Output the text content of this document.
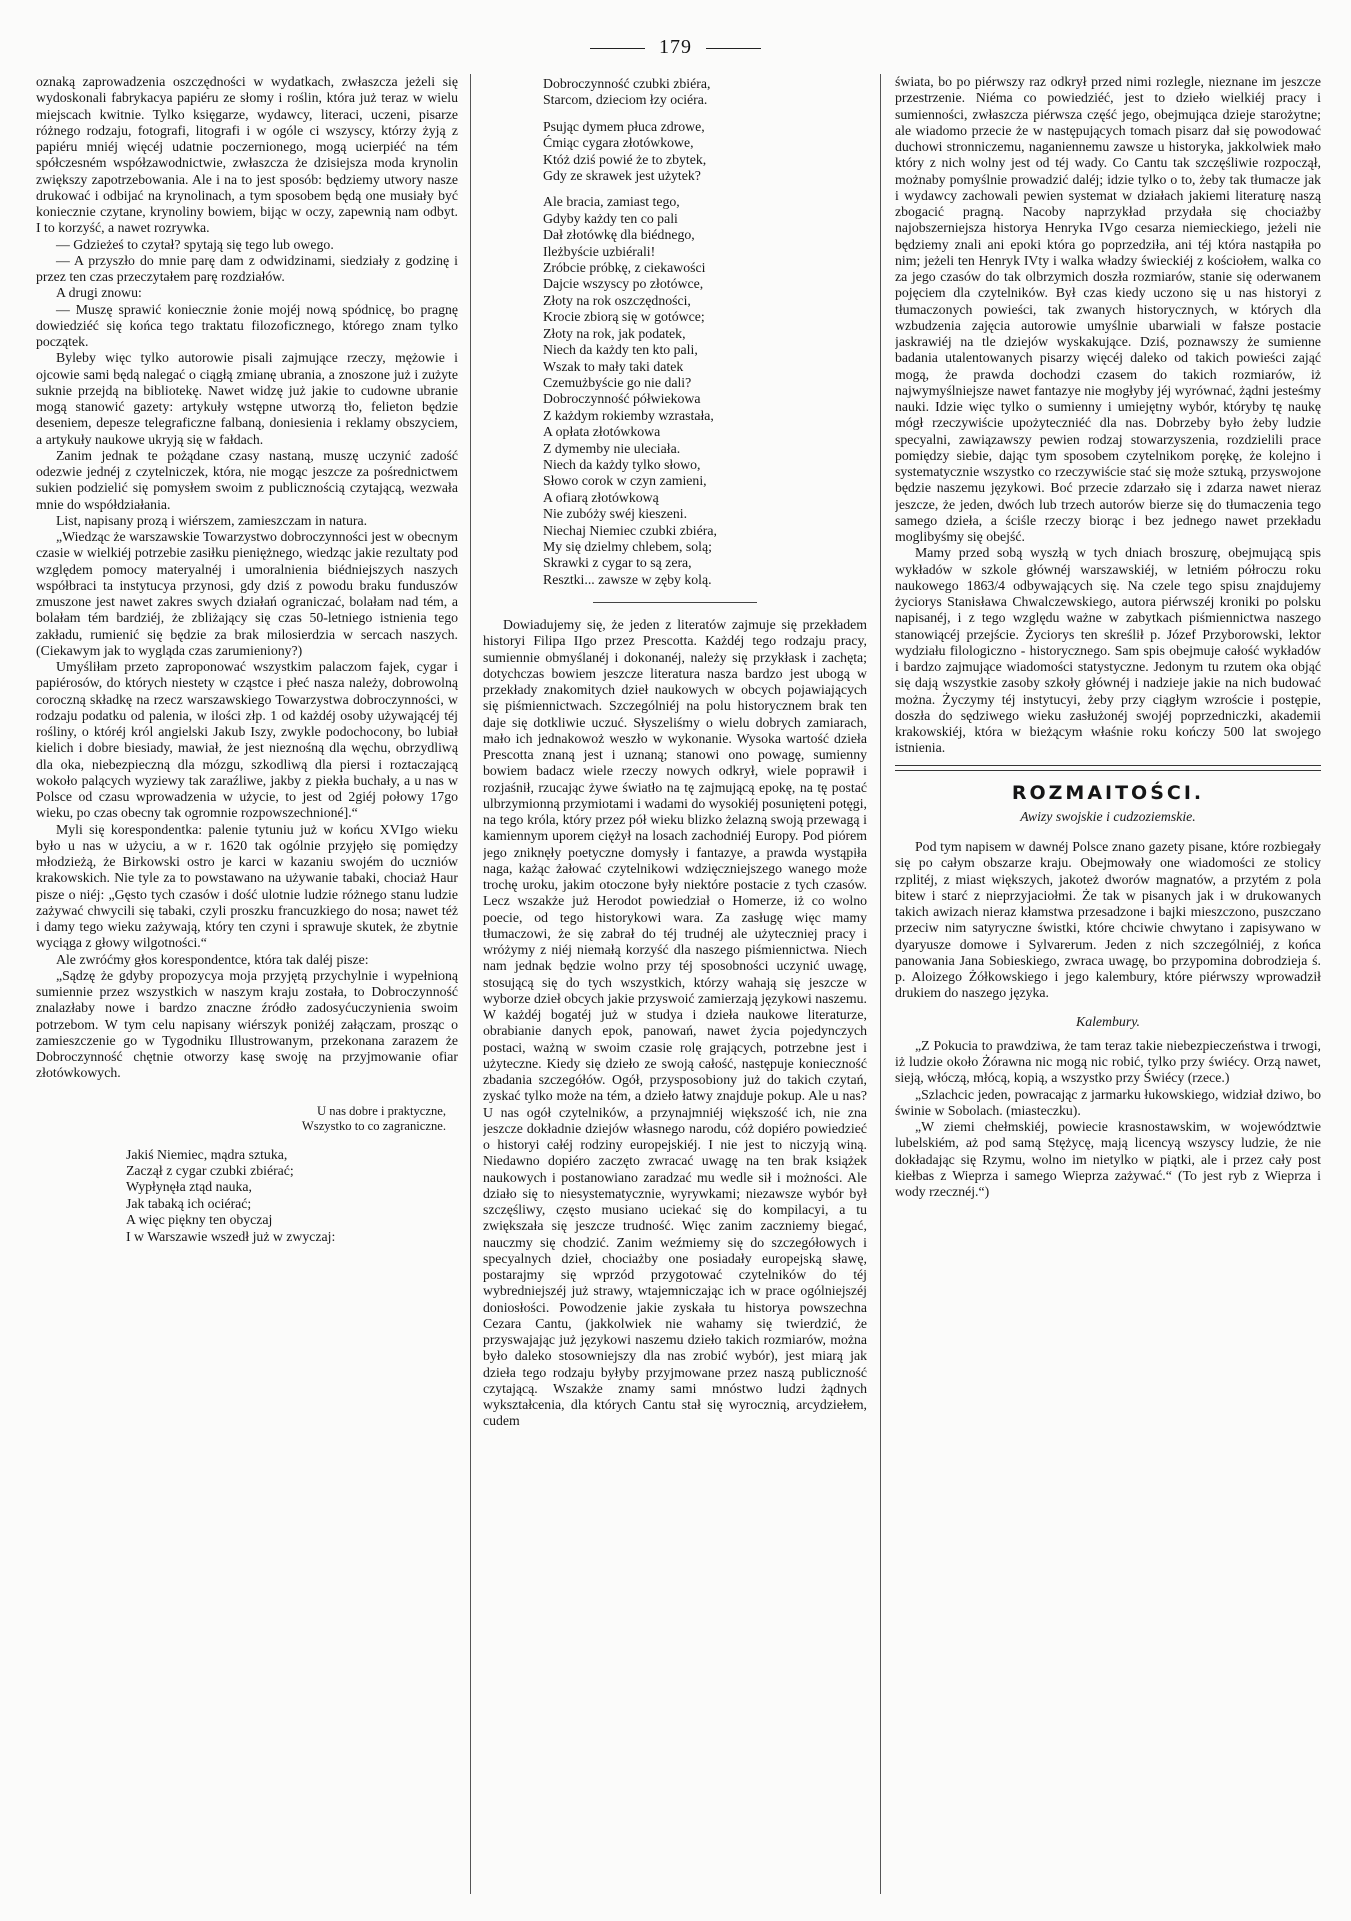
179

oznaką zaprowadzenia oszczędności w wydatkach, zwłaszcza jeżeli się wydoskonali fabrykacya papiéru ze słomy i roślin, która już teraz w wielu miejscach kwitnie. Tylko księgarze, wydawcy, literaci, uczeni, pisarze różnego rodzaju, fotografi, litografi i w ogóle ci wszyscy, którzy żyją z papiéru mniéj więcéj udatnie poczernionego, mogą ucierpiéć na tém spółczesném współzawodnictwie, zwłaszcza że dzisiejsza moda krynolin zwiększy zapotrzebowania. Ale i na to jest sposób: będziemy utwory nasze drukować i odbijać na krynolinach, a tym sposobem będą one musiały być koniecznie czytane, krynoliny bowiem, bijąc w oczy, zapewnią nam odbyt. I to korzyść, a nawet rozrywka.

— Gdzieżeś to czytał? spytają się tego lub owego.

— A przyszło do mnie parę dam z odwidzinami, siedziały z godzinę i przez ten czas przeczytałem parę rozdziałów.

A drugi znowu:

— Muszę sprawić koniecznie żonie mojéj nową spódnicę, bo pragnę dowiedziéć się końca tego traktatu filozoficznego, którego znam tylko początek.

Byleby więc tylko autorowie pisali zajmujące rzeczy, mężowie i ojcowie sami będą nalegać o ciągłą zmianę ubrania, a znoszone już i zużyte suknie przejdą na bibliotekę. Nawet widzę już jakie to cudowne ubranie mogą stanowić gazety: artykuły wstępne utworzą tło, felieton będzie deseniem, depesze telegraficzne falbaną, doniesienia i reklamy obszyciem, a artykuły naukowe ukryją się w fałdach.

Zanim jednak te pożądane czasy nastaną, muszę uczynić zadość odezwie jednéj z czytelniczek, która, nie mogąc jeszcze za pośrednictwem sukien podzielić się pomysłem swoim z publicznością czytającą, wezwała mnie do współdziałania.

List, napisany prozą i wiérszem, zamieszczam in natura.

„Wiedząc że warszawskie Towarzystwo dobroczynności jest w obecnym czasie w wielkiéj potrzebie zasiłku pieniężnego, wiedząc jakie rezultaty pod względem pomocy materyalnéj i umoralnienia biédniejszych naszych współbraci ta instytucya przynosi, gdy dziś z powodu braku funduszów zmuszone jest nawet zakres swych działań ograniczać, bolałam nad tém, a bolałam tém bardziéj, że zbliżający się czas 50-letniego istnienia tego zakładu, rumienić się będzie za brak milosierdzia w sercach naszych. (Ciekawym jak to wygląda czas zarumieniony?)

Umyśliłam przeto zaproponować wszystkim palaczom fajek, cygar i papiérosów, do których niestety w cząstce i płeć nasza należy, dobrowolną coroczną składkę na rzecz warszawskiego Towarzystwa dobroczynności, w rodzaju podatku od palenia, w ilości złp. 1 od każdéj osoby używającéj téj rośliny, o któréj król angielski Jakub Iszy, zwykle podochocony, bo lubiał kielich i dobre biesiady, mawiał, że jest nieznośną dla węchu, obrzydliwą dla oka, niebezpieczną dla mózgu, szkodliwą dla piersi i roztaczającą wokoło palących wyziewy tak zaraźliwe, jakby z piekła buchały, a u nas w Polsce od czasu wprowadzenia w użycie, to jest od 2giéj połowy 17go wieku, po czas obecny tak ogromnie rozpowszechnioné].“

Myli się korespondentka: palenie tytuniu już w końcu XVIgo wieku było u nas w użyciu, a w r. 1620 tak ogólnie przyjęło się pomiędzy młodzieżą, że Birkowski ostro je karci w kazaniu swojém do uczniów krakowskich. Nie tyle za to powstawano na używanie tabaki, chociaż Haur pisze o niéj: „Gęsto tych czasów i dość ulotnie ludzie różnego stanu ludzie zażywać chwycili się tabaki, czyli proszku francuzkiego do nosa; nawet téż i damy tego wieku zażywają, który ten czyni i sprawuje skutek, że zbytnie wyciąga z głowy wilgotności.“

Ale zwróćmy głos korespondentce, która tak daléj pisze:

„Sądzę że gdyby propozycya moja przyjętą przychylnie i wypełnioną sumiennie przez wszystkich w naszym kraju została, to Dobroczynność znalazłaby nowe i bardzo znaczne źródło zadosyćuczynienia swoim potrzebom. W tym celu napisany wiérszyk poniżéj załączam, prosząc o zamieszczenie go w Tygodniku Illustrowanym, przekonana zarazem że Dobroczynność chętnie otworzy kasę swoję na przyjmowanie ofiar złotówkowych.

U nas dobre i praktyczne,

Wszystko to co zagraniczne.

Jakiś Niemiec, mądra sztuka,

Zaczął z cygar czubki zbiérać;

Wypłynęła ztąd nauka,

Jak tabaką ich ociérać;

A więc piękny ten obyczaj

I w Warszawie wszedł już w zwyczaj:

Dobroczynność czubki zbiéra,

Starcom, dzieciom łzy ociéra.

Psując dymem płuca zdrowe,

Ćmiąc cygara złotówkowe,

Któż dziś powié że to zbytek,

Gdy ze skrawek jest użytek?

Ale bracia, zamiast tego,

Gdyby każdy ten co pali

Dał złotówkę dla biédnego,

Ileżbyście uzbiérali!

Zróbcie próbkę, z ciekawości

Dajcie wszyscy po złotówce,

Złoty na rok oszczędności,

Krocie zbiorą się w gotówce;

Złoty na rok, jak podatek,

Niech da każdy ten kto pali,

Wszak to mały taki datek

Czemużbyście go nie dali?

Dobroczynność półwiekowa

Z każdym rokiemby wzrastała,

A opłata złotówkowa

Z dymemby nie uleciała.

Niech da każdy tylko słowo,

Słowo corok w czyn zamieni,

A ofiarą złotówkową

Nie zubóży swéj kieszeni.

Niechaj Niemiec czubki zbiéra,

My się dzielmy chlebem, solą;

Skrawki z cygar to są zera,

Resztki... zawsze w zęby kolą.

Dowiadujemy się, że jeden z literatów zajmuje się przekładem historyi Filipa IIgo przez Prescotta. Każdéj tego rodzaju pracy, sumiennie obmyślanéj i dokonanéj, należy się przykłask i zachęta; dotychczas bowiem jeszcze literatura nasza bardzo jest ubogą w przekłady znakomitych dzieł naukowych w obcych pojawiających się piśmiennictwach. Szczególniéj na polu historycznem brak ten daje się dotkliwie uczuć. Słyszeliśmy o wielu dobrych zamiarach, mało ich jednakowoż weszło w wykonanie. Wysoka wartość dzieła Prescotta znaną jest i uznaną; stanowi ono powagę, sumienny bowiem badacz wiele rzeczy nowych odkrył, wiele poprawił i rozjaśnił, rzucając żywe światło na tę zajmującą epokę, na tę postać ulbrzymionną przymiotami i wadami do wysokiéj posunięteni potęgi, na tego króla, który przez pół wieku blizko żelazną swoją przewagą i kamiennym uporem ciężył na losach zachodniéj Europy. Pod piórem jego zniknęły poetyczne domysły i fantazye, a prawda wystąpiła naga, każąc żałować czytelnikowi wdzięczniejszego wanego może trochę uroku, jakim otoczone były niektóre postacie z tych czasów. Lecz wszakże już Herodot powiedział o Homerze, iż co wolno poecie, od tego historykowi wara. Za zasługę więc mamy tłumaczowi, że się zabrał do téj trudnéj ale użyteczniej pracy i wróżymy z niéj niemałą korzyść dla naszego piśmiennictwa. Niech nam jednak będzie wolno przy téj sposobności uczynić uwagę, stosującą się do tych wszystkich, którzy wahają się jeszcze w wyborze dzieł obcych jakie przyswoić zamierzają językowi naszemu. W każdéj bogatéj już w studya i dzieła naukowe literaturze, obrabianie danych epok, panowań, nawet życia pojedynczych postaci, ważną w swoim czasie rolę grających, potrzebne jest i użyteczne. Kiedy się dzieło ze swoją całość, następuje konieczność zbadania szczegółów. Ogół, przysposobiony już do takich czytań, zyskać tylko może na tém, a dzieło łatwy znajduje pokup. Ale u nas? U nas ogół czytelników, a przynajmniéj większość ich, nie zna jeszcze dokładnie dziejów własnego narodu, cóż dopiéro powiedzieć o historyi całéj rodziny europejskiéj. I nie jest to niczyją winą. Niedawno dopiéro zaczęto zwracać uwagę na ten brak książek naukowych i postanowiano zaradzać mu wedle sił i możności. Ale działo się to niesystematycznie, wyrywkami; niezawsze wybór był szczęśliwy, często musiano uciekać się do kompilacyi, a tu zwiększała się jeszcze trudność. Więc zanim zaczniemy biegać, nauczmy się chodzić. Zanim weźmiemy się do szczegółowych i specyalnych dzieł, chociażby one posiadały europejską sławę, postarajmy się wprzód przygotować czytelników do téj wybredniejszéj już strawy, wtajemniczając ich w prace ogólniejszéj doniosłości. Powodzenie jakie zyskała tu historya powszechna Cezara Cantu, (jakkolwiek nie wahamy się twierdzić, że przyswajając już językowi naszemu dzieło takich rozmiarów, można było daleko stosowniejszy dla nas zrobić wybór), jest miarą jak dzieła tego rodzaju byłyby przyjmowane przez naszą publiczność czytającą. Wszakże znamy sami mnóstwo ludzi żądnych wykształcenia, dla których Cantu stał się wyrocznią, arcydziełem, cudem

świata, bo po piérwszy raz odkrył przed nimi rozlegle, nieznane im jeszcze przestrzenie. Niéma co powiedziéć, jest to dzieło wielkiéj pracy i sumienności, zwłaszcza piérwsza część jego, obejmująca dzieje starożytne; ale wiadomo przecie że w następujących tomach pisarz dał się powodować duchowi stronniczemu, naganiennemu zawsze u historyka, jakkolwiek mało który z nich wolny jest od téj wady. Co Cantu tak szczęśliwie rozpoczął, możnaby pomyślnie prowadzić daléj; idzie tylko o to, żeby tak tłumacze jak i wydawcy zachowali pewien systemat w działach jakiemi literaturę naszą zbogacić pragną. Nacoby naprzykład przydała się chociażby najobszerniejsza historya Henryka IVgo cesarza niemieckiego, jeżeli nie będziemy znali ani epoki która go poprzedziła, ani téj która nastąpiła po nim; jeżeli ten Henryk IVty i walka władzy świeckiéj z kościołem, walka co za jego czasów do tak olbrzymich doszła rozmiarów, stanie się oderwanem pojęciem dla czytelników. Był czas kiedy uczono się u nas historyi z tłumaczonych powieści, tak zwanych historycznych, w których dla wzbudzenia zajęcia autorowie umyślnie ubarwiali w fałsze postacie jaskrawiéj na tle dziejów wyskakujące. Dziś, poznawszy że sumienne badania utalentowanych pisarzy więcéj daleko od takich powieści zająć mogą, że prawda dochodzi czasem do takich rozmiarów, iż najwymyślniejsze nawet fantazye nie mogłyby jéj wyrównać, żądni jesteśmy nauki. Idzie więc tylko o sumienny i umiejętny wybór, któryby tę naukę mógł rzeczywiście upożyteczniéć dla nas. Dobrzeby było żeby ludzie specyalni, zawiązawszy pewien rodzaj stowarzyszenia, rozdzielili prace pomiędzy siebie, dając tym sposobem czytelnikom porękę, że kolejno i systematycznie wszystko co rzeczywiście stać się może sztuką, przyswojone będzie naszemu językowi. Boć przecie zdarzało się i zdarza nawet nieraz jeszcze, że jeden, dwóch lub trzech autorów bierze się do tłumaczenia tego samego dzieła, a ściśle rzeczy biorąc i bez jednego nawet przekładu moglibyśmy się obejść.

Mamy przed sobą wyszłą w tych dniach broszurę, obejmującą spis wykładów w szkole głównéj warszawskiéj, w letniém półroczu roku naukowego 1863/4 odbywających się. Na czele tego spisu znajdujemy życiorys Stanisława Chwalczewskiego, autora piérwszéj kroniki po polsku napisanéj, i z tego względu ważne w zabytkach piśmiennictwa naszego stanowiącéj przejście. Życiorys ten skreślił p. Józef Przyborowski, lektor wydziału filologiczno - historycznego. Sam spis obejmuje całość wykładów i bardzo zajmujące wiadomości statystyczne. Jedonym tu rzutem oka objąć się dają wszystkie zasoby szkoły głównéj i nadzieje jakie na nich budować można. Życzymy téj instytucyi, żeby przy ciągłym wzroście i postępie, doszła do sędziwego wieku zasłużonéj swojéj poprzedniczki, akademii krakowskiéj, która w bieżącym właśnie roku kończy 500 lat swojego istnienia.

ROZMAITOŚCI.
Awizy swojskie i cudzoziemskie.

Pod tym napisem w dawnéj Polsce znano gazety pisane, które rozbiegały się po całym obszarze kraju. Obejmowały one wiadomości ze stolicy rzplitéj, z miast większych, jakoteż dworów magnatów, a przytém z pola bitew i starć z nieprzyjaciołmi. Że tak w pisanych jak i w drukowanych takich awizach nieraz kłamstwa przesadzone i bajki mieszczono, puszczano przeciw nim satyryczne świstki, które chciwie chwytano i zapisywano w dyaryusze domowe i Sylvarerum. Jeden z nich szczególniéj, z końca panowania Jana Sobieskiego, zwraca uwagę, bo przypomina dobrodzieja ś. p. Aloizego Żółkowskiego i jego kalembury, które piérwszy wprowadził drukiem do naszego języka.

Kalembury.

„Z Pokucia to prawdziwa, że tam teraz takie niebezpieczeństwa i trwogi, iż ludzie około Żórawna nic mogą nic robić, tylko przy świécy. Orzą nawet, sieją, włóczą, młócą, kopią, a wszystko przy Świécy (rzece.)

„Szlachcic jeden, powracając z jarmarku łukowskiego, widział dziwo, bo świnie w Sobolach. (miasteczku).

„W ziemi chełmskiéj, powiecie krasnostawskim, w województwie lubelskiém, aż pod samą Stężycę, mają licencyą wszyscy ludzie, że nie dokładając się Rzymu, wolno im nietylko w piątki, ale i przez cały post kiełbas z Wieprza i samego Wieprza zażywać.“ (To jest ryb z Wieprza i wody rzecznéj.“)
